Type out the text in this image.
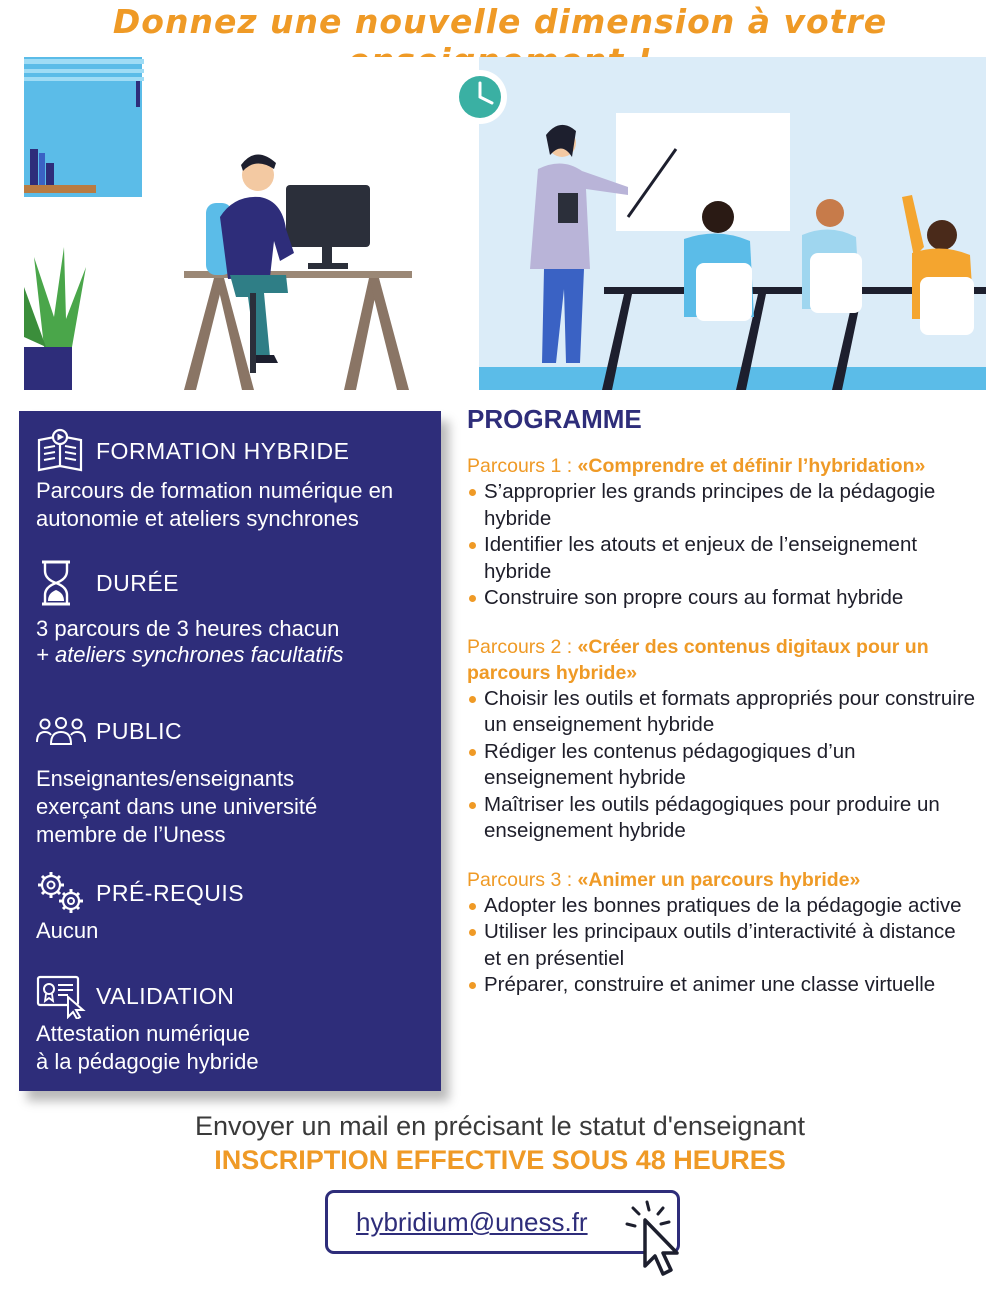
Donnez une nouvelle dimension à votre
FORMATION HYBRIDE
Parcours de formation numérique en
autonomie et ateliers synchrones
DURÉE
3 parcours de 3 heures chacun
+ ateliers synchrones facultatifs
PUBLIC
Enseignantes/enseignants
exerçant dans une université
membre de l’Uness
PRÉ-REQUIS
Aucun
VALIDATION
Attestation numérique
à la pédagogie hybride
PROGRAMME
Parcours 1 : «Comprendre et définir l’hybridation»
S’approprier les grands principes de la pédagogie hybride
Identifier les atouts et enjeux de l’enseignement hybride
Construire son propre cours au format hybride
Parcours 2 : «Créer des contenus digitaux pour un parcours hybride»
Choisir les outils et formats appropriés pour construire un enseignement hybride
Rédiger les contenus pédagogiques d’un enseignement hybride
Maîtriser les outils pédagogiques pour produire un enseignement hybride
Parcours 3 : «Animer un parcours hybride»
Adopter les bonnes pratiques de la pédagogie active
Utiliser les principaux outils d’interactivité à distance et en présentiel
Préparer, construire et animer une classe virtuelle
Envoyer un mail en précisant le statut d'enseignant
INSCRIPTION EFFECTIVE SOUS 48 HEURES
hybridium@uness.fr
